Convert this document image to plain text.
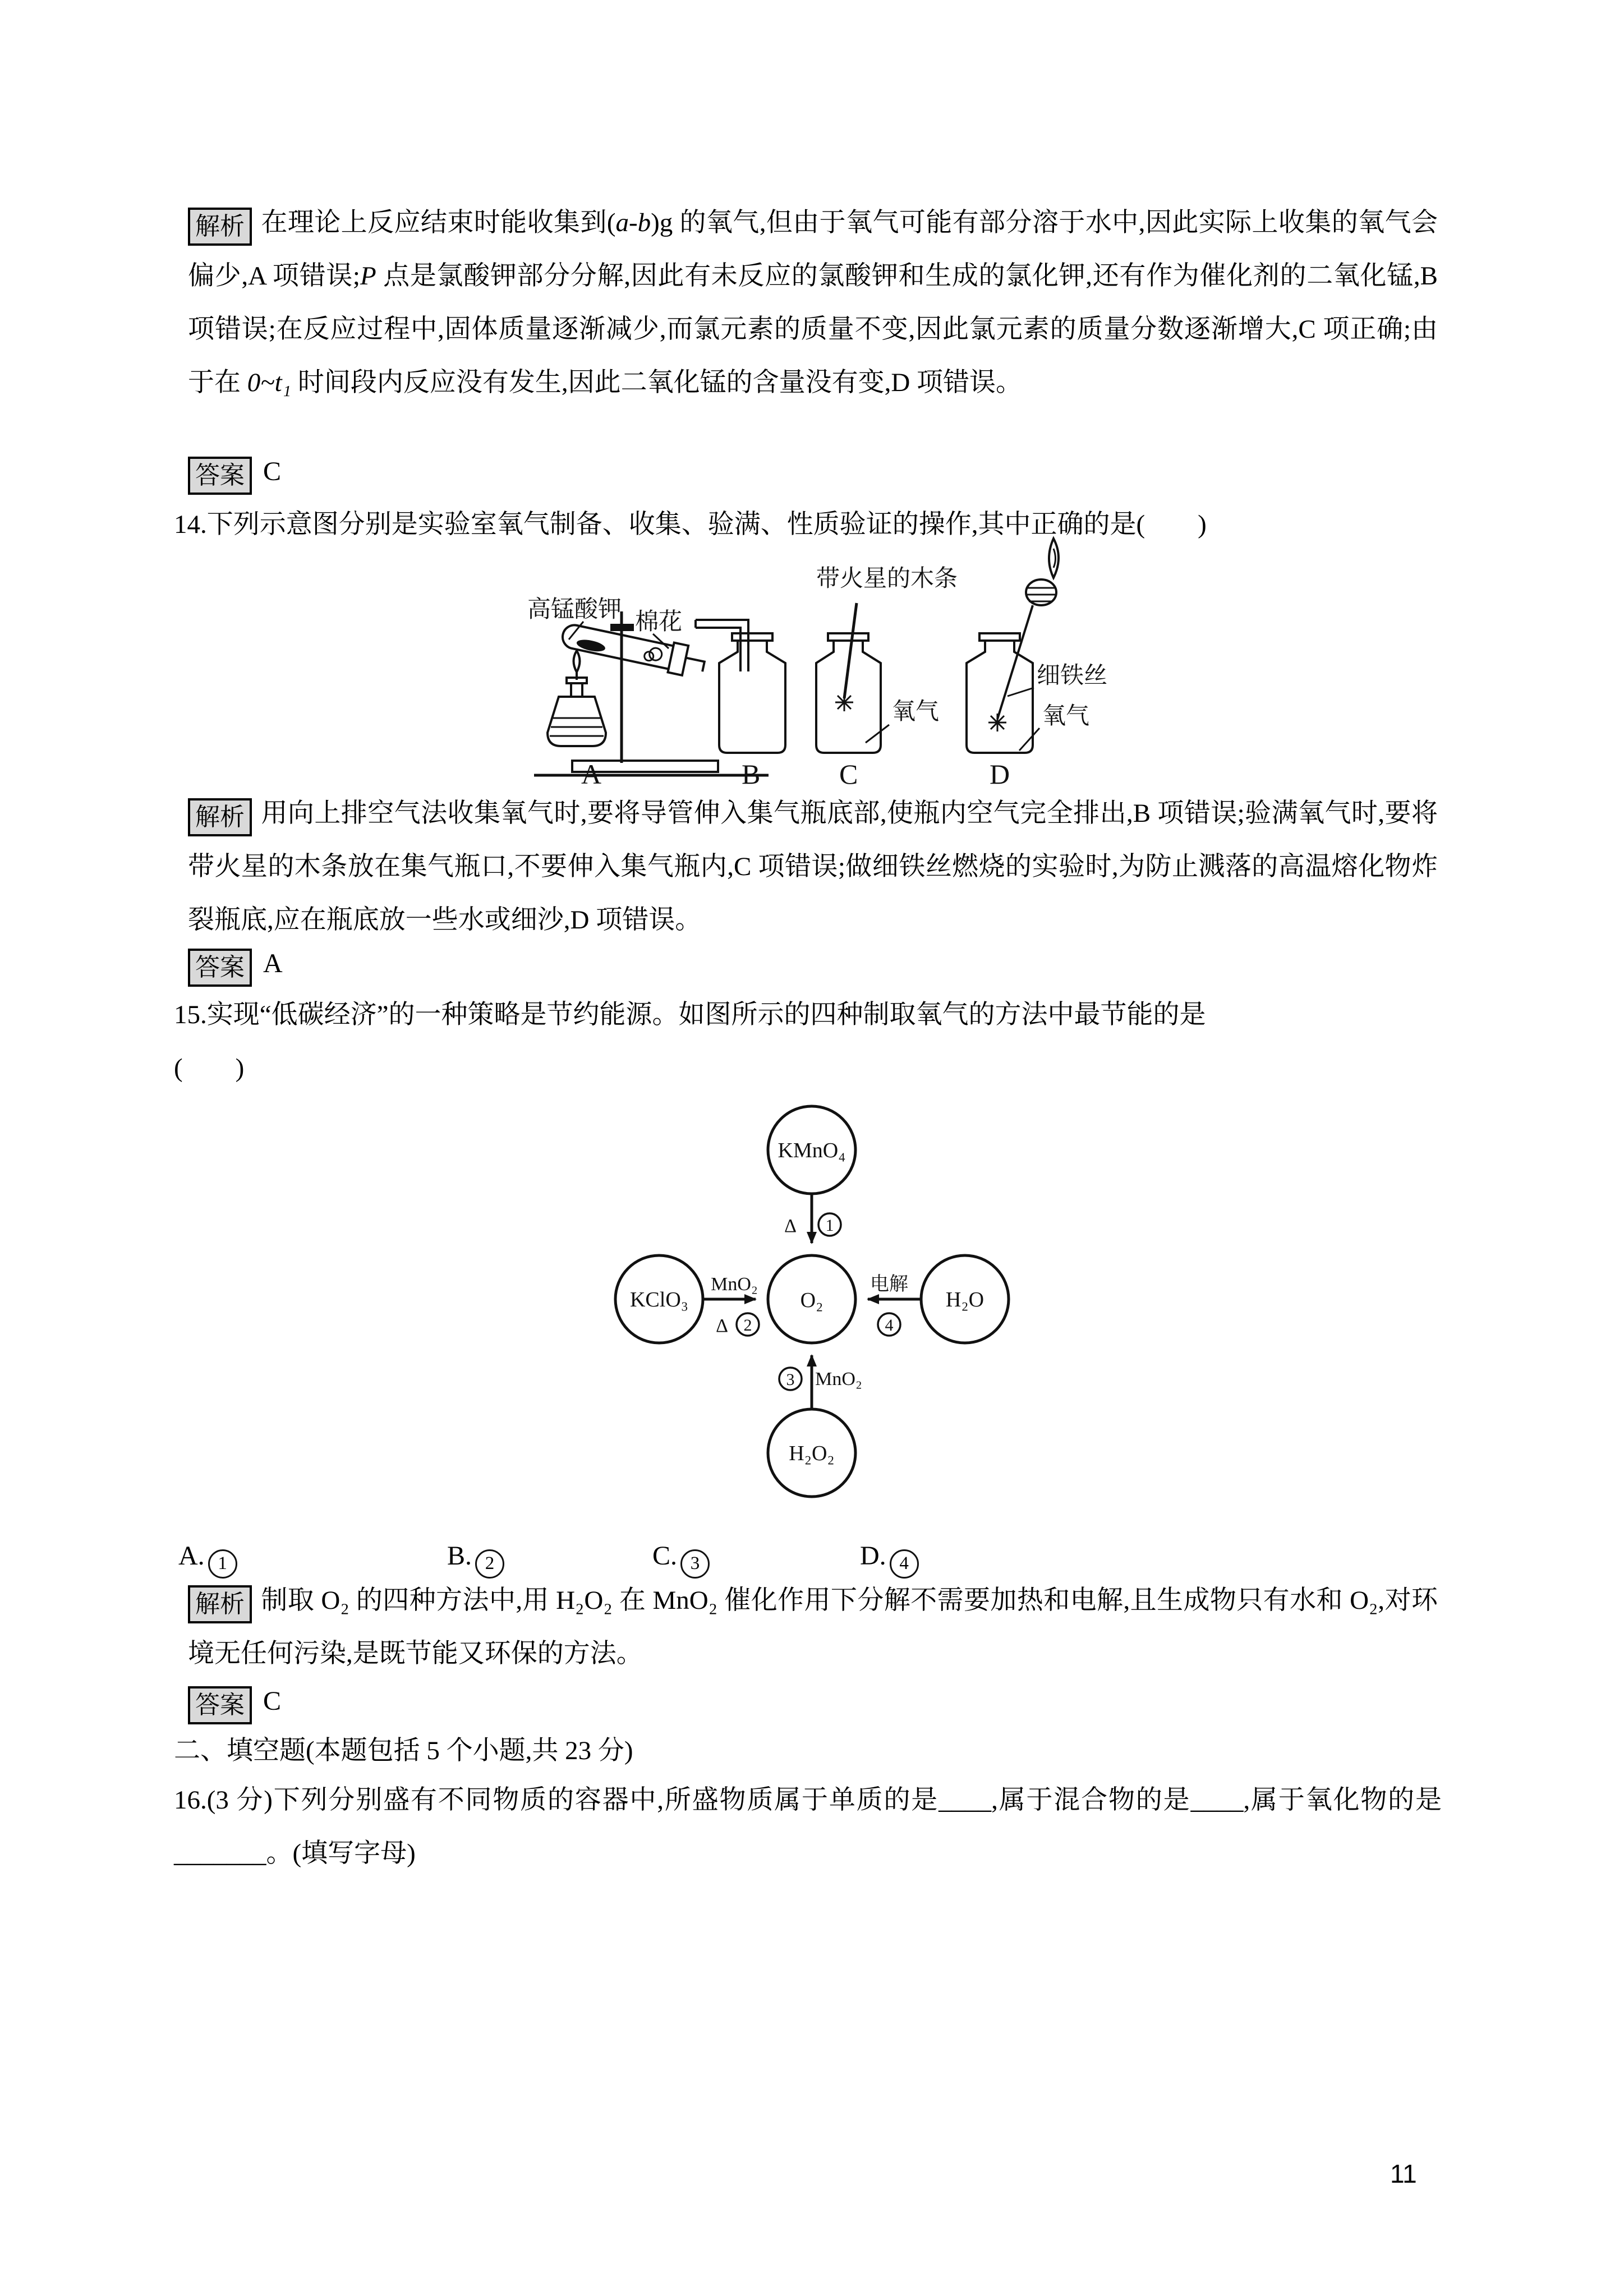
解析 在理论上反应结束时能收集到(a-b)g 的氧气,但由于氧气可能有部分溶于水中,因此实际上收集的氧气会偏少,A 项错误;P 点是氯酸钾部分分解,因此有未反应的氯酸钾和生成的氯化钾,还有作为催化剂的二氧化锰,B 项错误;在反应过程中,固体质量逐渐减少,而氯元素的质量不变,因此氯元素的质量分数逐渐增大,C 项正确;由于在 0~t₁ 时间段内反应没有发生,因此二氧化锰的含量没有变,D 项错误。
答案 C
14.下列示意图分别是实验室氧气制备、收集、验满、性质验证的操作,其中正确的是(　　)
高锰酸钾 棉花
A	B
带火星的木条
氧气
C
细铁丝
氧气
D
解析 用向上排空气法收集氧气时,要将导管伸入集气瓶底部,使瓶内空气完全排出,B 项错误;验满氧气时,要将带火星的木条放在集气瓶口,不要伸入集气瓶内,C 项错误;做细铁丝燃烧的实验时,为防止溅落的高温熔化物炸裂瓶底,应在瓶底放一些水或细沙,D 项错误。
答案 A
15.实现“低碳经济”的一种策略是节约能源。如图所示的四种制取氧气的方法中最节能的是
(　　)
KMnO₄
KClO₃	O₂	H₂O
H₂O₂
Δ 1
MnO₂
Δ 2
电解
4
3 MnO₂
A. 1	B. 2	C. 3	D. 4
解析 制取 O₂ 的四种方法中,用 H₂O₂ 在 MnO₂ 催化作用下分解不需要加热和电解,且生成物只有水和 O₂,对环境无任何污染,是既节能又环保的方法。
答案 C
二、填空题(本题包括 5 个小题,共 23 分)
16.(3 分)下列分别盛有不同物质的容器中,所盛物质属于单质的是____,属于混合物的是____,属于氧化物的是_______。(填写字母)
11
